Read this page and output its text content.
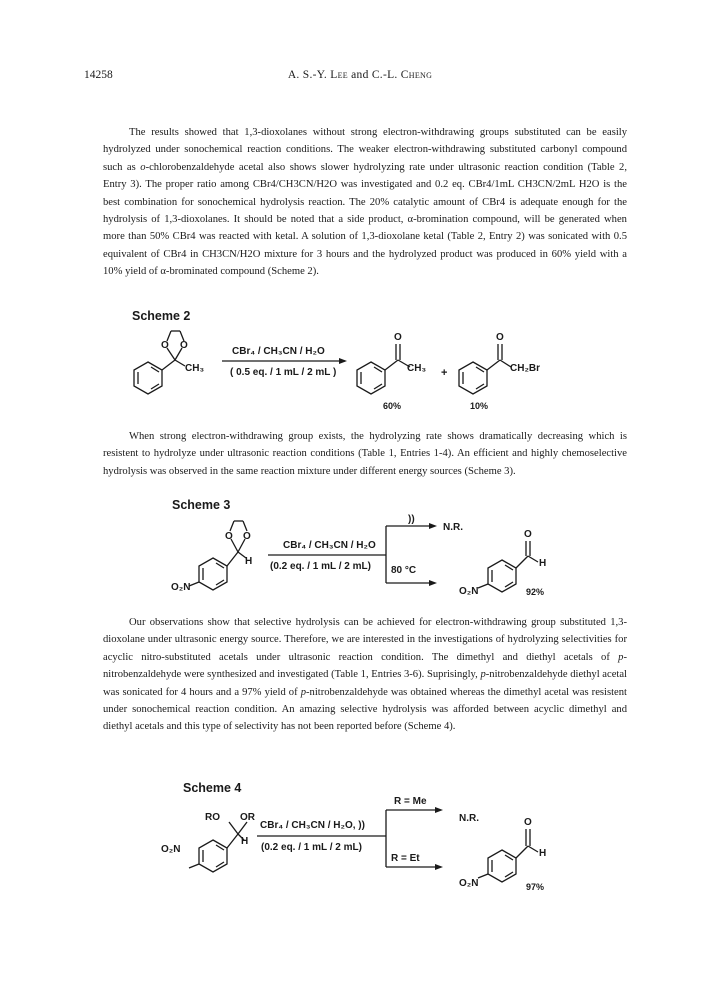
14258	A. S.-Y. Lee and C.-L. Cheng

The results showed that 1,3-dioxolanes without strong electron-withdrawing groups substituted can be easily hydrolyzed under sonochemical reaction conditions. The weaker electron-withdrawing substituted carbonyl compound such as o-chlorobenzaldehyde acetal also shows slower hydrolyzing rate under ultrasonic reaction condition (Table 2, Entry 3). The proper ratio among CBr4/CH3CN/H2O was investigated and 0.2 eq. CBr4/1mL CH3CN/2mL H2O is the best combination for sonochemical hydrolysis reaction. The 20% catalytic amount of CBr4 is adequate enough for the hydrolysis of 1,3-dioxolanes. It should be noted that a side product, α-bromination compound, will be generated when more than 50% CBr4 was reacted with ketal. A solution of 1,3-dioxolane ketal (Table 2, Entry 2) was sonicated with 0.5 equivalent of CBr4 in CH3CN/H2O mixture for 3 hours and the hydrolyzed product was produced in 60% yield with a 10% yield of α-brominated compound (Scheme 2).

Scheme 2
O O
CH₃
CBr₄ / CH₃CN / H₂O
( 0.5 eq. / 1 mL / 2 mL )
O
CH₃ +
O
CH₂Br
60%	10%

When strong electron-withdrawing group exists, the hydrolyzing rate shows dramatically decreasing which is resistent to hydrolyze under ultrasonic reaction conditions (Table 1, Entries 1-4). An efficient and highly chemoselective hydrolysis was observed in the same reaction mixture under different energy sources (Scheme 3).

Scheme 3
O₂N
O O
H
))
N.R.
CBr₄ / CH₃CN / H₂O
(0.2 eq. / 1 mL / 2 mL) 80 °C
O₂N
O
H
92%

Our observations show that selective hydrolysis can be achieved for electron-withdrawing group substituted 1,3-dioxolane under ultrasonic energy source. Therefore, we are interested in the investigations of hydrolyzing selectivities for acyclic nitro-substituted acetals under ultrasonic reaction condition. The dimethyl and diethyl acetals of p-nitrobenzaldehyde were synthesized and investigated (Table 1, Entries 3-6). Suprisingly, p-nitrobenzaldehyde diethyl acetal was sonicated for 4 hours and a 97% yield of p-nitrobenzaldehyde was obtained whereas the dimethyl acetal was resistent under sonochemical reaction condition. An amazing selective hydrolysis was afforded between acyclic dimethyl and diethyl acetals and this type of selectivity has not been reported before (Scheme 4).

Scheme 4
O₂N
RO OR
H
R = Me
N.R.
CBr₄ / CH₃CN / H₂O, ))
(0.2 eq. / 1 mL / 2 mL)
R = Et
O₂N
O
H
97%
